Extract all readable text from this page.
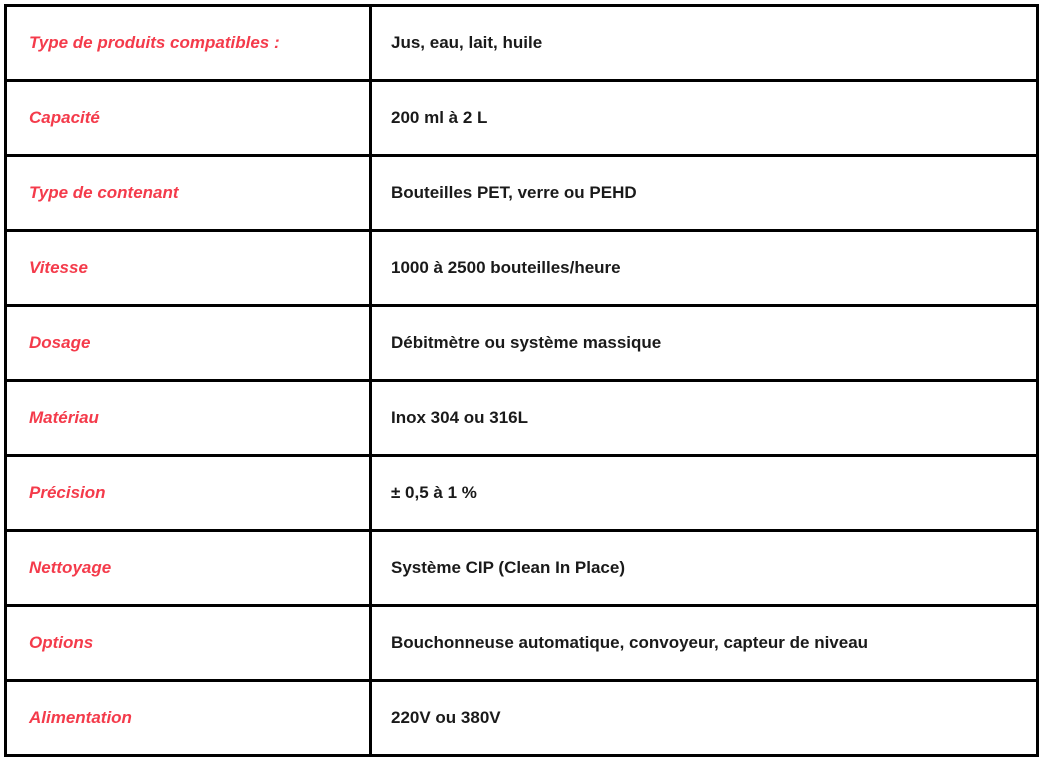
Type de produits compatibles :	Jus, eau, lait, huile
Capacité	200 ml à 2 L
Type de contenant	Bouteilles PET, verre ou PEHD
Vitesse	1000 à 2500 bouteilles/heure
Dosage	Débitmètre ou système massique
Matériau	Inox 304 ou 316L
Précision	± 0,5 à 1 %
Nettoyage	Système CIP (Clean In Place)
Options	Bouchonneuse automatique, convoyeur, capteur de niveau
Alimentation	220V ou 380V
